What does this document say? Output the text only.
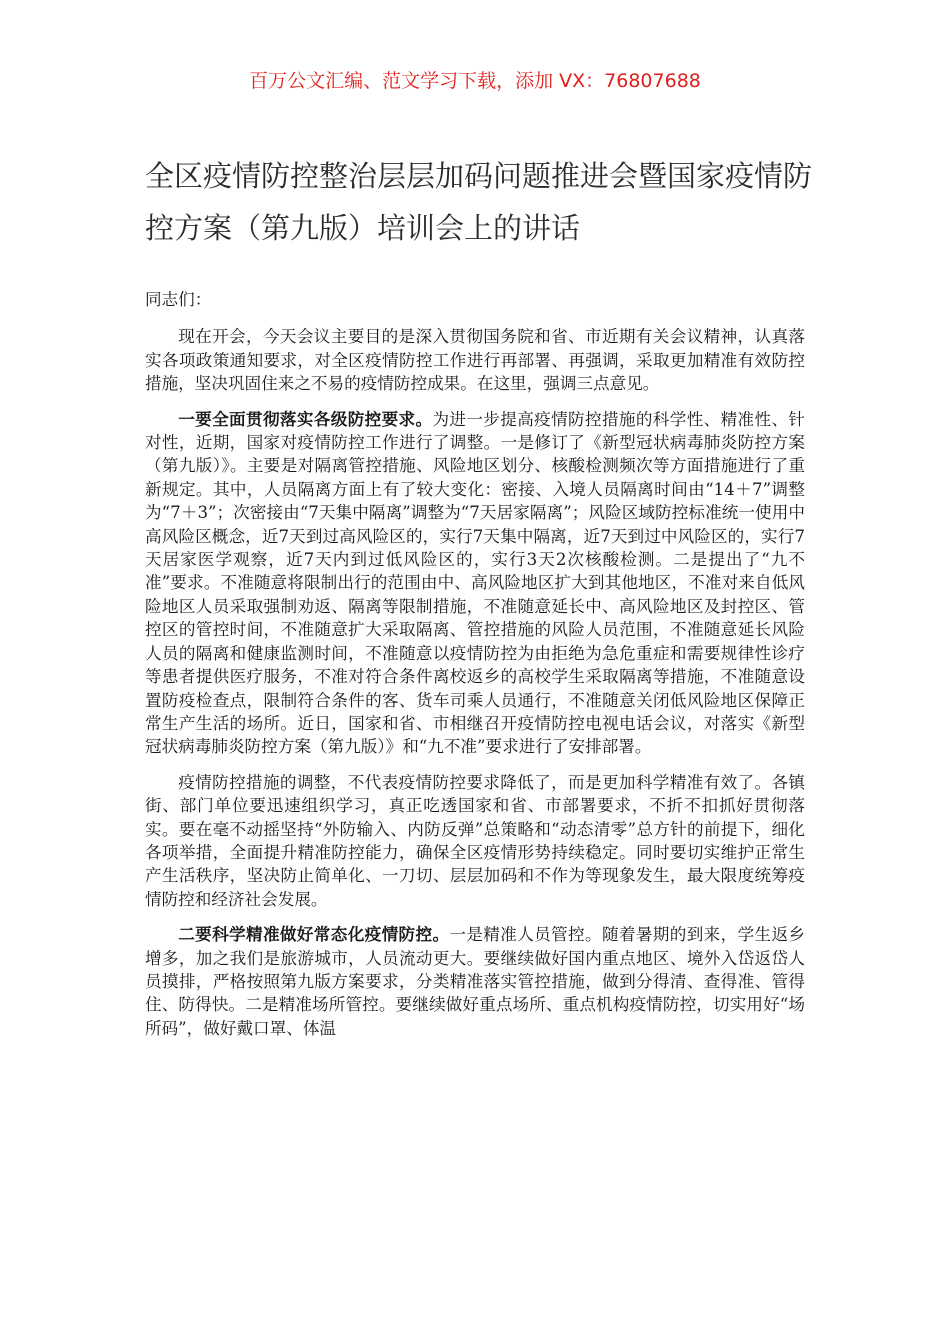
百万公文汇编、范文学习下载，添加 VX：76807688
全区疫情防控整治层层加码问题推进会暨国家疫情防控方案（第九版）培训会上的讲话

同志们：

现在开会，今天会议主要目的是深入贯彻国务院和省、市近期有关会议精神，认真落实各项政策通知要求，对全区疫情防控工作进行再部署、再强调，采取更加精准有效防控措施，坚决巩固住来之不易的疫情防控成果。在这里，强调三点意见。

一要全面贯彻落实各级防控要求。为进一步提高疫情防控措施的科学性、精准性、针对性，近期，国家对疫情防控工作进行了调整。一是修订了《新型冠状病毒肺炎防控方案（第九版）》。主要是对隔离管控措施、风险地区划分、核酸检测频次等方面措施进行了重新规定。其中，人员隔离方面上有了较大变化：密接、入境人员隔离时间由“14＋7”调整为“7＋3”；次密接由“7天集中隔离”调整为“7天居家隔离”；风险区域防控标准统一使用中高风险区概念，近7天到过高风险区的，实行7天集中隔离，近7天到过中风险区的，实行7天居家医学观察，近7天内到过低风险区的，实行3天2次核酸检测。二是提出了“九不准”要求。不准随意将限制出行的范围由中、高风险地区扩大到其他地区，不准对来自低风险地区人员采取强制劝返、隔离等限制措施，不准随意延长中、高风险地区及封控区、管控区的管控时间，不准随意扩大采取隔离、管控措施的风险人员范围，不准随意延长风险人员的隔离和健康监测时间，不准随意以疫情防控为由拒绝为急危重症和需要规律性诊疗等患者提供医疗服务，不准对符合条件离校返乡的高校学生采取隔离等措施，不准随意设置防疫检查点，限制符合条件的客、货车司乘人员通行，不准随意关闭低风险地区保障正常生产生活的场所。近日，国家和省、市相继召开疫情防控电视电话会议，对落实《新型冠状病毒肺炎防控方案（第九版）》和“九不准”要求进行了安排部署。

疫情防控措施的调整，不代表疫情防控要求降低了，而是更加科学精准有效了。各镇街、部门单位要迅速组织学习，真正吃透国家和省、市部署要求，不折不扣抓好贯彻落实。要在毫不动摇坚持“外防输入、内防反弹”总策略和“动态清零”总方针的前提下，细化各项举措，全面提升精准防控能力，确保全区疫情形势持续稳定。同时要切实维护正常生产生活秩序，坚决防止简单化、一刀切、层层加码和不作为等现象发生，最大限度统筹疫情防控和经济社会发展。

二要科学精准做好常态化疫情防控。一是精准人员管控。随着暑期的到来，学生返乡增多，加之我们是旅游城市，人员流动更大。要继续做好国内重点地区、境外入岱返岱人员摸排，严格按照第九版方案要求，分类精准落实管控措施，做到分得清、查得准、管得住、防得快。二是精准场所管控。要继续做好重点场所、重点机构疫情防控，切实用好“场所码”，做好戴口罩、体温
